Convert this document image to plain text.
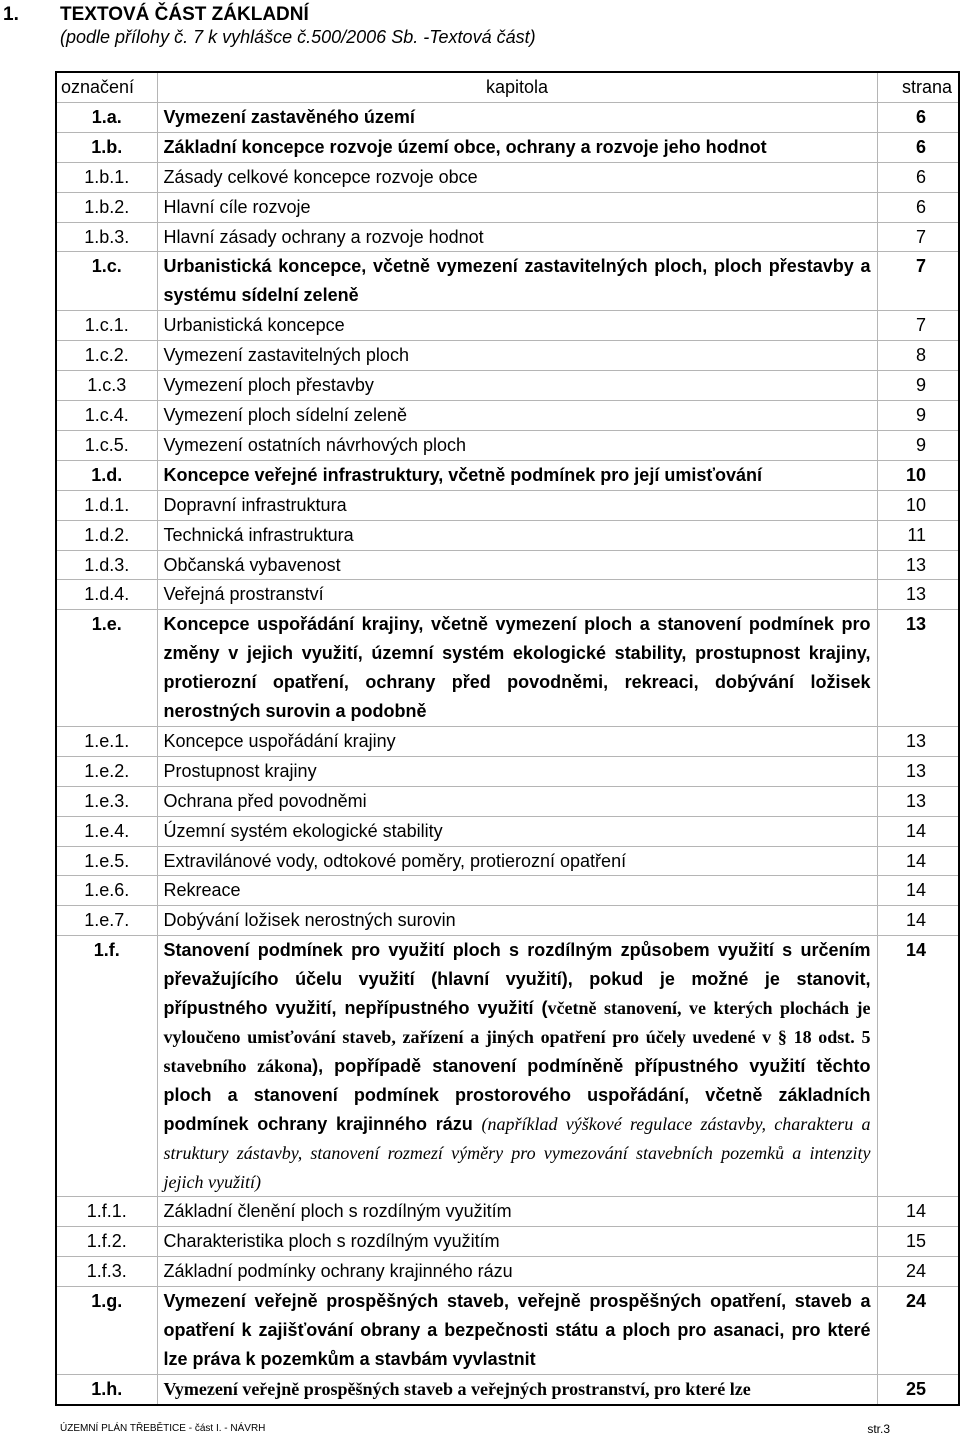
1. TEXTOVÁ ČÁST ZÁKLADNÍ
(podle přílohy č. 7 k vyhlášce č.500/2006 Sb. -Textová část)
označení	kapitola	strana
1.a.	Vymezení zastavěného území	6
1.b.	Základní koncepce rozvoje území obce, ochrany a rozvoje jeho hodnot	6
1.b.1.	Zásady celkové koncepce rozvoje obce	6
1.b.2.	Hlavní cíle rozvoje	6
1.b.3.	Hlavní zásady ochrany a rozvoje hodnot	7
1.c.	Urbanistická koncepce, včetně vymezení zastavitelných ploch, ploch přestavby a systému sídelní zeleně	7
1.c.1.	Urbanistická koncepce	7
1.c.2.	Vymezení zastavitelných ploch	8
1.c.3	Vymezení ploch přestavby	9
1.c.4.	Vymezení ploch sídelní zeleně	9
1.c.5.	Vymezení ostatních návrhových ploch	9
1.d.	Koncepce veřejné infrastruktury, včetně podmínek pro její umisťování	10
1.d.1.	Dopravní infrastruktura	10
1.d.2.	Technická infrastruktura	11
1.d.3.	Občanská vybavenost	13
1.d.4.	Veřejná prostranství	13
1.e.	Koncepce uspořádání krajiny, včetně vymezení ploch a stanovení podmínek pro změny v jejich využití, územní systém ekologické stability, prostupnost krajiny, protierozní opatření, ochrany před povodněmi, rekreaci, dobývání ložisek nerostných surovin a podobně	13
1.e.1.	Koncepce uspořádání krajiny	13
1.e.2.	Prostupnost krajiny	13
1.e.3.	Ochrana před povodněmi	13
1.e.4.	Územní systém ekologické stability	14
1.e.5.	Extravilánové vody, odtokové poměry, protierozní opatření	14
1.e.6.	Rekreace	14
1.e.7.	Dobývání ložisek nerostných surovin	14
1.f.	Stanovení podmínek pro využití ploch s rozdílným způsobem využití s určením převažujícího účelu využití (hlavní využití), pokud je možné je stanovit, přípustného využití, nepřípustného využití (včetně stanovení, ve kterých plochách je vyloučeno umisťování staveb, zařízení a jiných opatření pro účely uvedené v § 18 odst. 5 stavebního zákona), popřípadě stanovení podmíněně přípustného využití těchto ploch a stanovení podmínek prostorového uspořádání, včetně základních podmínek ochrany krajinného rázu (například výškové regulace zástavby, charakteru a struktury zástavby, stanovení rozmezí výměry pro vymezování stavebních pozemků a intenzity jejich využití)	14
1.f.1.	Základní členění ploch s rozdílným využitím	14
1.f.2.	Charakteristika ploch s rozdílným využitím	15
1.f.3.	Základní podmínky ochrany krajinného rázu	24
1.g.	Vymezení veřejně prospěšných staveb, veřejně prospěšných opatření, staveb a opatření k zajišťování obrany a bezpečnosti státu a ploch pro asanaci, pro které lze práva k pozemkům a stavbám vyvlastnit	24
1.h.	Vymezení veřejně prospěšných staveb a veřejných prostranství, pro které lze	25
ÚZEMNÍ PLÁN TŘEBĚTICE - část I. - NÁVRH	str.3
